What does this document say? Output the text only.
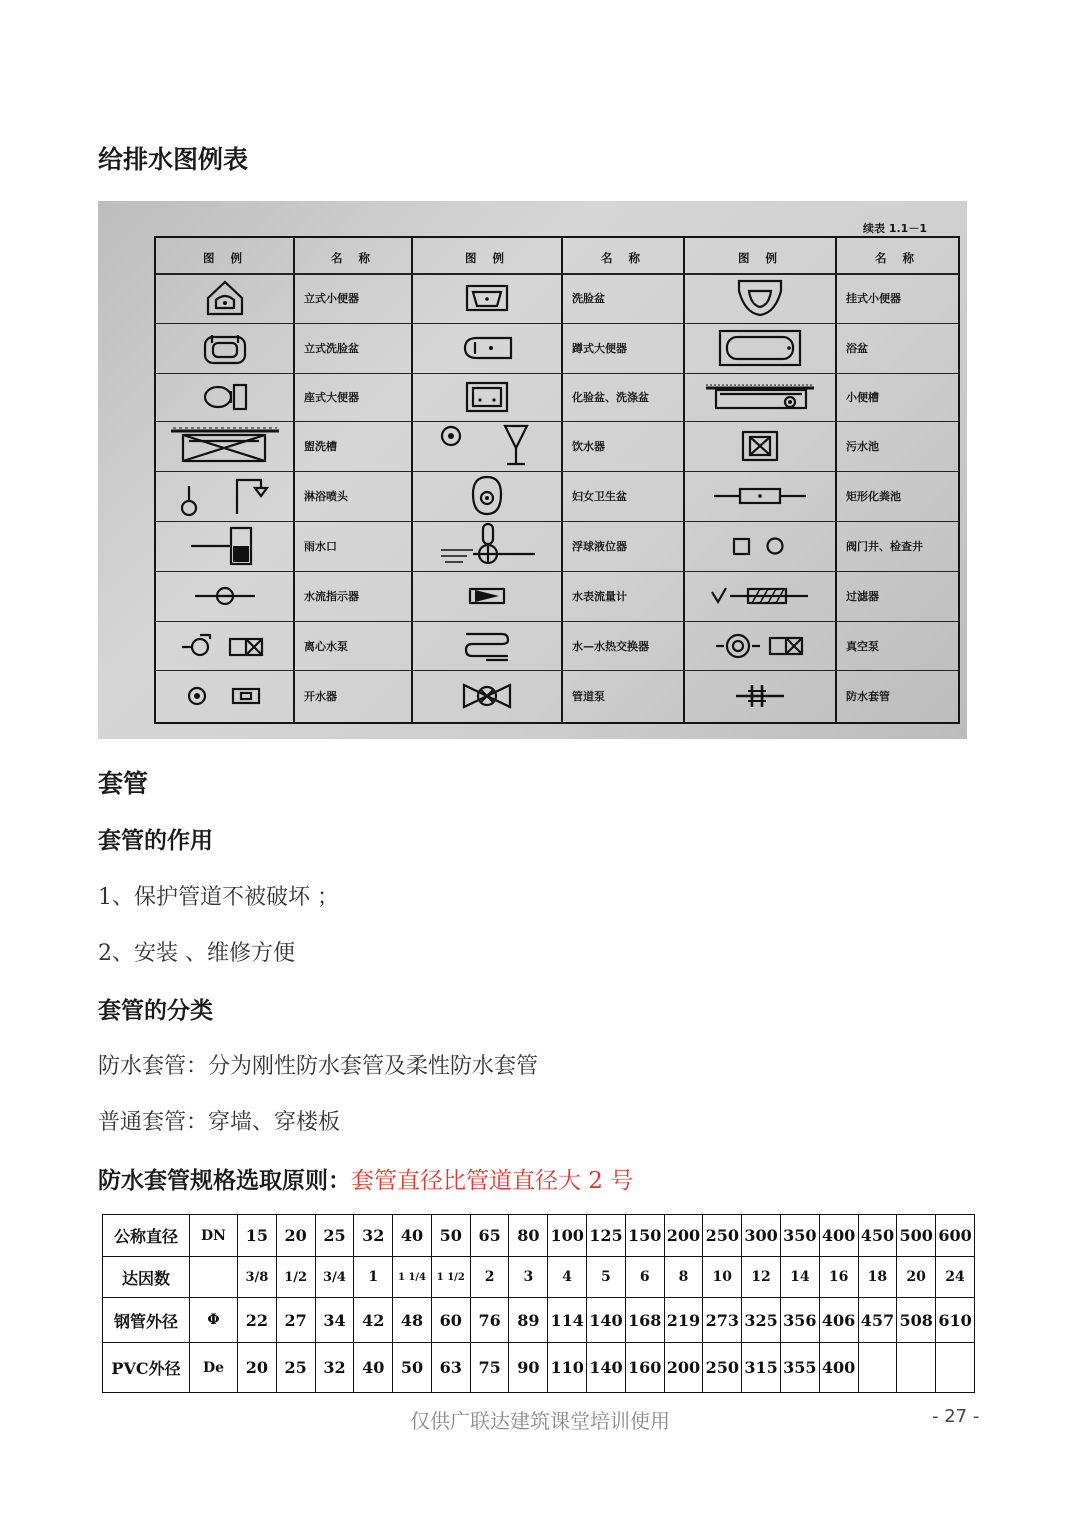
给排水图例表
续表 1.1－1
图 例	名 称	图 例	名 称	图 例	名 称
立式小便器	洗脸盆	挂式小便器
立式洗脸盆	蹲式大便器	浴盆
座式大便器	化验盆、洗涤盆	小便槽
盥洗槽	饮水器	污水池
淋浴喷头	妇女卫生盆	矩形化粪池
雨水口	浮球液位器	阀门井、检查井
水流指示器	水表流量计	过滤器
离心水泵	水—水热交换器	真空泵
开水器	管道泵	防水套管
套管
套管的作用
1、保护管道不被破坏 ；
2、安装 、维修方便
套管的分类
防水套管：分为刚性防水套管及柔性防水套管
普通套管：穿墙、穿楼板
防水套管规格选取原则：套管直径比管道直径大 2 号
公称直径	DN	15	20	25	32	40	50	65	80	100	125	150	200	250	300	350	400	450	500	600
达因数		3/8	1/2	3/4	1	1 1/4	1 1/2	2	3	4	5	6	8	10	12	14	16	18	20	24
钢管外径	Φ	22	27	34	42	48	60	76	89	114	140	168	219	273	325	356	406	457	508	610
PVC外径	De	20	25	32	40	50	63	75	90	110	140	160	200	250	315	355	400			
仅供广联达建筑课堂培训使用	- 27 -
